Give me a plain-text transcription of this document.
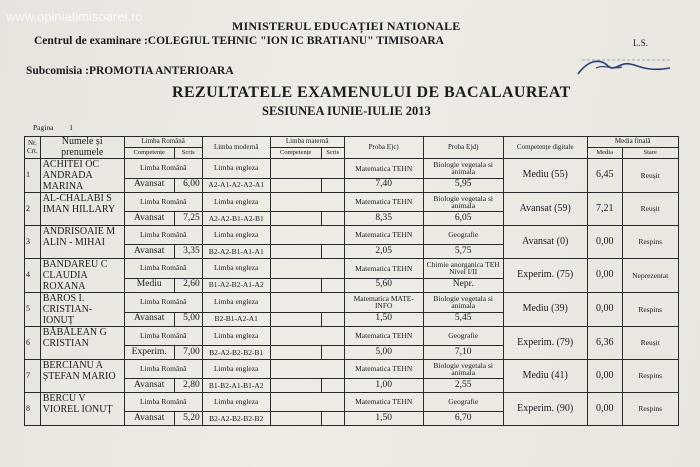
www.opiniatimisoarei.ro
MINISTERUL EDUCAȚIEI NATIONALE
Centrul de examinare :COLEGIUL TEHNIC "ION IC BRATIANU" TIMISOARA
Subcomisia :PROMOTIA ANTERIOARA
L.S.
REZULTATELE EXAMENULUI DE BACALAUREAT
SESIUNEA IUNIE-IULIE 2013
Pagina 1
Nr. Crt.	Numele și prenumele	Limba Română		Limba modernă	Limba maternă		Proba E)c)	Proba E)d)	Competențe digitale	Media finală	
		Competențe	Scris		Competențe	Scris				Media	Stare
1	ACHITEI OC ANDRADA MARINA	Limba Română		Limba engleza			Matematica TEHN	Biologie vegetala si animala	Mediu (55)	6,45	Reușit
		Avansat	6,00	A2-A1-A2-A2-A1			7,40	5,95			
2	AL-CHALABI S IMAN HILLARY	Limba Română		Limba engleza			Matematica TEHN	Biologie vegetala si animala	Avansat (59)	7,21	Reușit
		Avansat	7,25	A2-A2-B1-A2-B1			8,35	6,05			
3	ANDRISOAIE M ALIN - MIHAI	Limba Română		Limba engleza			Matematica TEHN	Geografie	Avansat (0)	0,00	Respins
		Avansat	3,35	B2-A2-B1-A1-A1			2,05	5,75			
4	BANDAREU C CLAUDIA ROXANA	Limba Română		Limba engleza			Matematica TEHN	Chimie anorganica TEH Nivel I/II	Experim. (75)	0,00	Neprezentat
		Mediu	2,60	B1-A2-B2-A1-A2			5,60	Nepr.			
5	BAROS I. CRISTIAN-IONUȚ	Limba Română		Limba engleza			Matematica MATE-INFO	Biologie vegetala si animala	Mediu (39)	0,00	Respins
		Avansat	5,00	B2-B1-A2-A1			1,50	5,45			
6	BĂBĂLEAN G CRISTIAN	Limba Română		Limba engleza			Matematica TEHN	Geografie	Experim. (79)	6,36	Reușit
		Experim.	7,00	B2-A2-B2-B2-B1			5,00	7,10			
7	BERCIANU A ȘTEFAN MARIO	Limba Română		Limba engleza			Matematica TEHN	Biologie vegetala si animala	Mediu (41)	0,00	Respins
		Avansat	2,80	B1-B2-A1-B1-A2			1,00	2,55			
8	BERCU V VIOREL IONUȚ	Limba Română		Limba engleza			Matematica TEHN	Geografie	Experim. (90)	0,00	Respins
		Avansat	5,20	B2-A2-B2-B2-B2			1,50	6,70			
